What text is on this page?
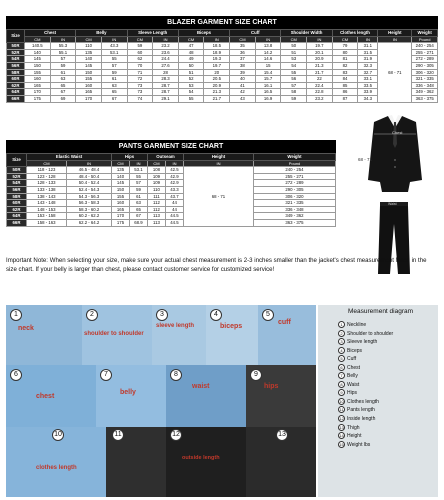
BLAZER GARMENT SIZE CHART
Size	Chest		Belly		Sleeve Length		Biceps		Cuff		Shoulder Width		Clothes length		Height	Weight
	CM	IN	CM	IN	CM	IN	CM	IN	CM	IN	CM	IN	CM	IN	IN	Pound
50R	140.5	55.3	110	43.3	59	23.2	47	18.5	35	13.8	50	19.7	79	31.1	68 - 71	240 - 254
52R	140	55.1	135	53.1	60	23.6	48	18.9	36	14.2	51	20.1	80	31.5		255 - 271
54R	145	57	140	55	62	24.4	49	19.3	37	14.6	53	20.9	81	31.9		272 - 289
56R	150	59	145	57	70	27.6	50	19.7	38	15	54	21.3	82	32.3		290 - 305
58R	155	61	150	59	71	28	51	20	39	15.4	55	21.7	83	32.7		306 - 320
60R	160	63	155	61	72	28.3	52	20.5	40	15.7	56	22	84	33.1		321 - 335
62R	165	65	160	63	73	28.7	53	20.9	41	16.1	57	22.4	85	33.5		336 - 348
64R	170	67	165	65	73	28.7	54	21.3	42	16.5	58	22.8	86	33.9		349 - 362
66R	175	69	170	67	74	29.1	55	21.7	43	16.9	59	23.2	87	34.3		363 - 375
PANTS GARMENT SIZE CHART
Size	Elastic Waist		Hips		Outseam		Height	Weight
	CM	IN	CM	IN	CM	IN	IN	Pound
50R	118 - 123	46.5 - 48.4	135	53.1	108	42.5	68 - 71	240 - 254
52R	123 - 128	48.4 - 50.4	140	55	109	42.9		255 - 271
54R	128 - 133	50.4 - 52.4	145	57	109	42.9		272 - 289
56R	133 - 138	52.4 - 54.3	150	59	110	43.3		290 - 305
58R	138 - 143	54.3 - 56.3	155	61	111	43.7		306 - 320
60R	143 - 148	56.3 - 58.3	160	63	112	44		321 - 335
62R	148 - 153	58.3 - 60.2	165	65	112	44		336 - 348
64R	153 - 158	60.2 - 62.2	170	67	113	44.5		349 - 362
66R	158 - 163	62.2 - 64.2	175	68.9	113	44.5		363 - 375
Chest
68 - 71
Waist
Important Note: When selecting your size, make sure your actual chest measurement is 2-3 inches smaller than the jacket's chest measurement listed in the size chart. If your belly is larger than chest, please contact customer service for customized service!
1
neck
2
shoulder to shoulder
3
sleeve length
4
biceps
5
cuff
6
chest
7
belly
8
waist
9
hips
10
clothes length
11	12
outside length
13
Measurement diagram
1 Neckline
2 Shoulder to shoulder
3 Sleeve length
4 Biceps
5 Cuff
6 Chest
7 Belly
8 Waist
9 Hips
10 Clothes length
11 Pants length
12 Inside length
13 Thigh
14 Height
15 Weight lbs
